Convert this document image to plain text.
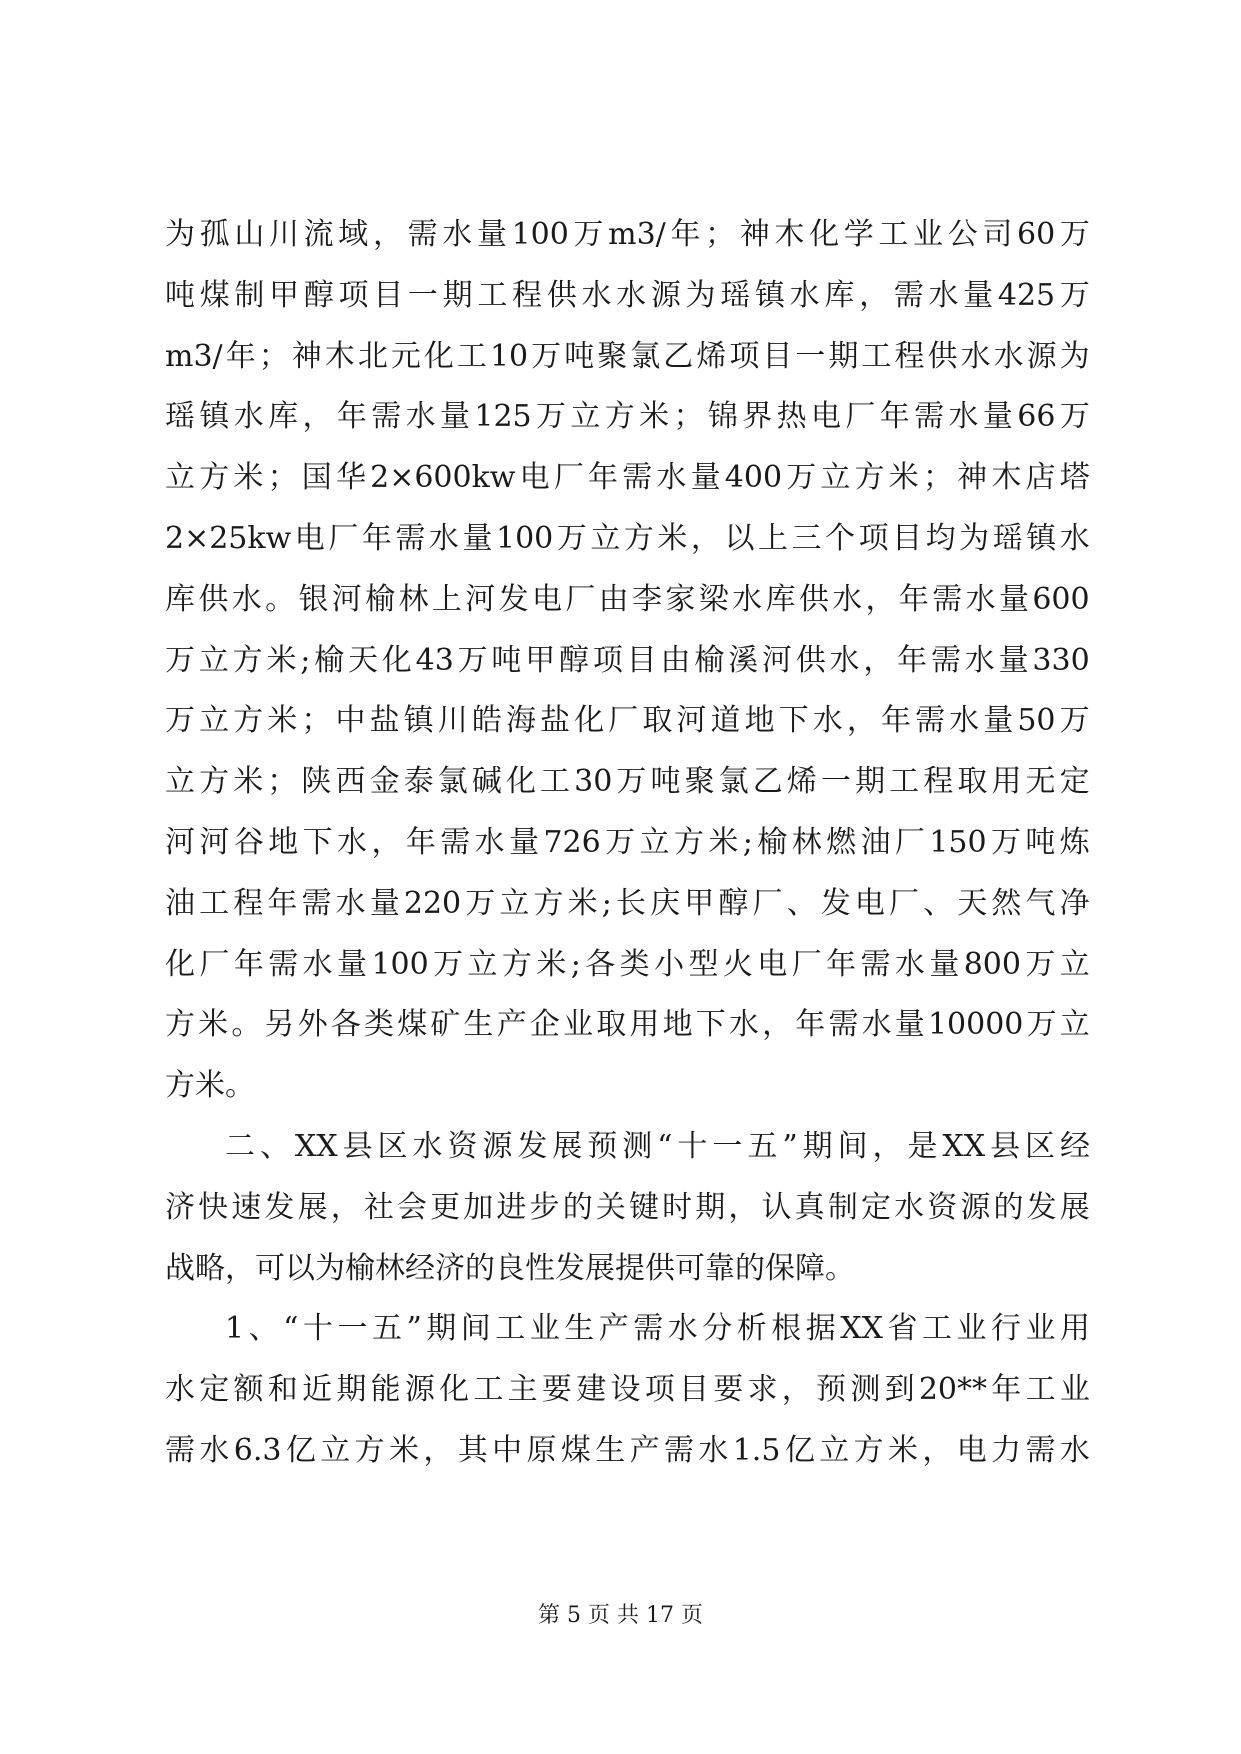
为 孤 山 川 流 域 ， 需 水 量 100 万 m3/ 年 ； 神 木 化 学 工 业 公 司 60 万
吨 煤 制 甲 醇 项 目 一 期 工 程 供 水 水 源 为 瑶 镇 水 库 ， 需 水 量 425 万
m3/ 年 ； 神 木 北 元 化 工 10 万 吨 聚 氯 乙 烯 项 目 一 期 工 程 供 水 水 源 为
瑶 镇 水 库 ， 年 需 水 量 125 万 立 方 米 ； 锦 界 热 电 厂 年 需 水 量 66 万
立 方 米 ； 国 华 2×600kw 电 厂 年 需 水 量 400 万 立 方 米 ； 神 木 店 塔
2×25kw 电 厂 年 需 水 量 100 万 立 方 米 ， 以 上 三 个 项 目 均 为 瑶 镇 水
库 供 水 。 银 河 榆 林 上 河 发 电 厂 由 李 家 梁 水 库 供 水 ， 年 需 水 量 600
万 立 方 米 ; 榆 天 化 43 万 吨 甲 醇 项 目 由 榆 溪 河 供 水 ， 年 需 水 量 330
万 立 方 米 ； 中 盐 镇 川 皓 海 盐 化 厂 取 河 道 地 下 水 ， 年 需 水 量 50 万
立 方 米 ； 陕 西 金 泰 氯 碱 化 工 30 万 吨 聚 氯 乙 烯 一 期 工 程 取 用 无 定
河 河 谷 地 下 水 ， 年 需 水 量 726 万 立 方 米 ; 榆 林 燃 油 厂 150 万 吨 炼
油 工 程 年 需 水 量 220 万 立 方 米 ; 长 庆 甲 醇 厂 、 发 电 厂 、 天 然 气 净
化 厂 年 需 水 量 100 万 立 方 米 ; 各 类 小 型 火 电 厂 年 需 水 量 800 万 立
方 米 。 另 外 各 类 煤 矿 生 产 企 业 取 用 地 下 水 ， 年 需 水 量 10000 万 立
方米。
二 、 XX 县 区 水 资 源 发 展 预 测 “ 十 一 五 ” 期 间 ， 是 XX 县 区 经
济 快 速 发 展 ， 社 会 更 加 进 步 的 关 键 时 期 ， 认 真 制 定 水 资 源 的 发 展
战略，可以为榆林经济的良性发展提供可靠的保障。
1 、 “ 十 一 五 ” 期 间 工 业 生 产 需 水 分 析 根 据 XX 省 工 业 行 业 用
水 定 额 和 近 期 能 源 化 工 主 要 建 设 项 目 要 求 ， 预 测 到 20** 年 工 业
需 水 6.3 亿 立 方 米 ， 其 中 原 煤 生 产 需 水 1.5 亿 立 方 米 ， 电 力 需 水
第 5 页 共 17 页
